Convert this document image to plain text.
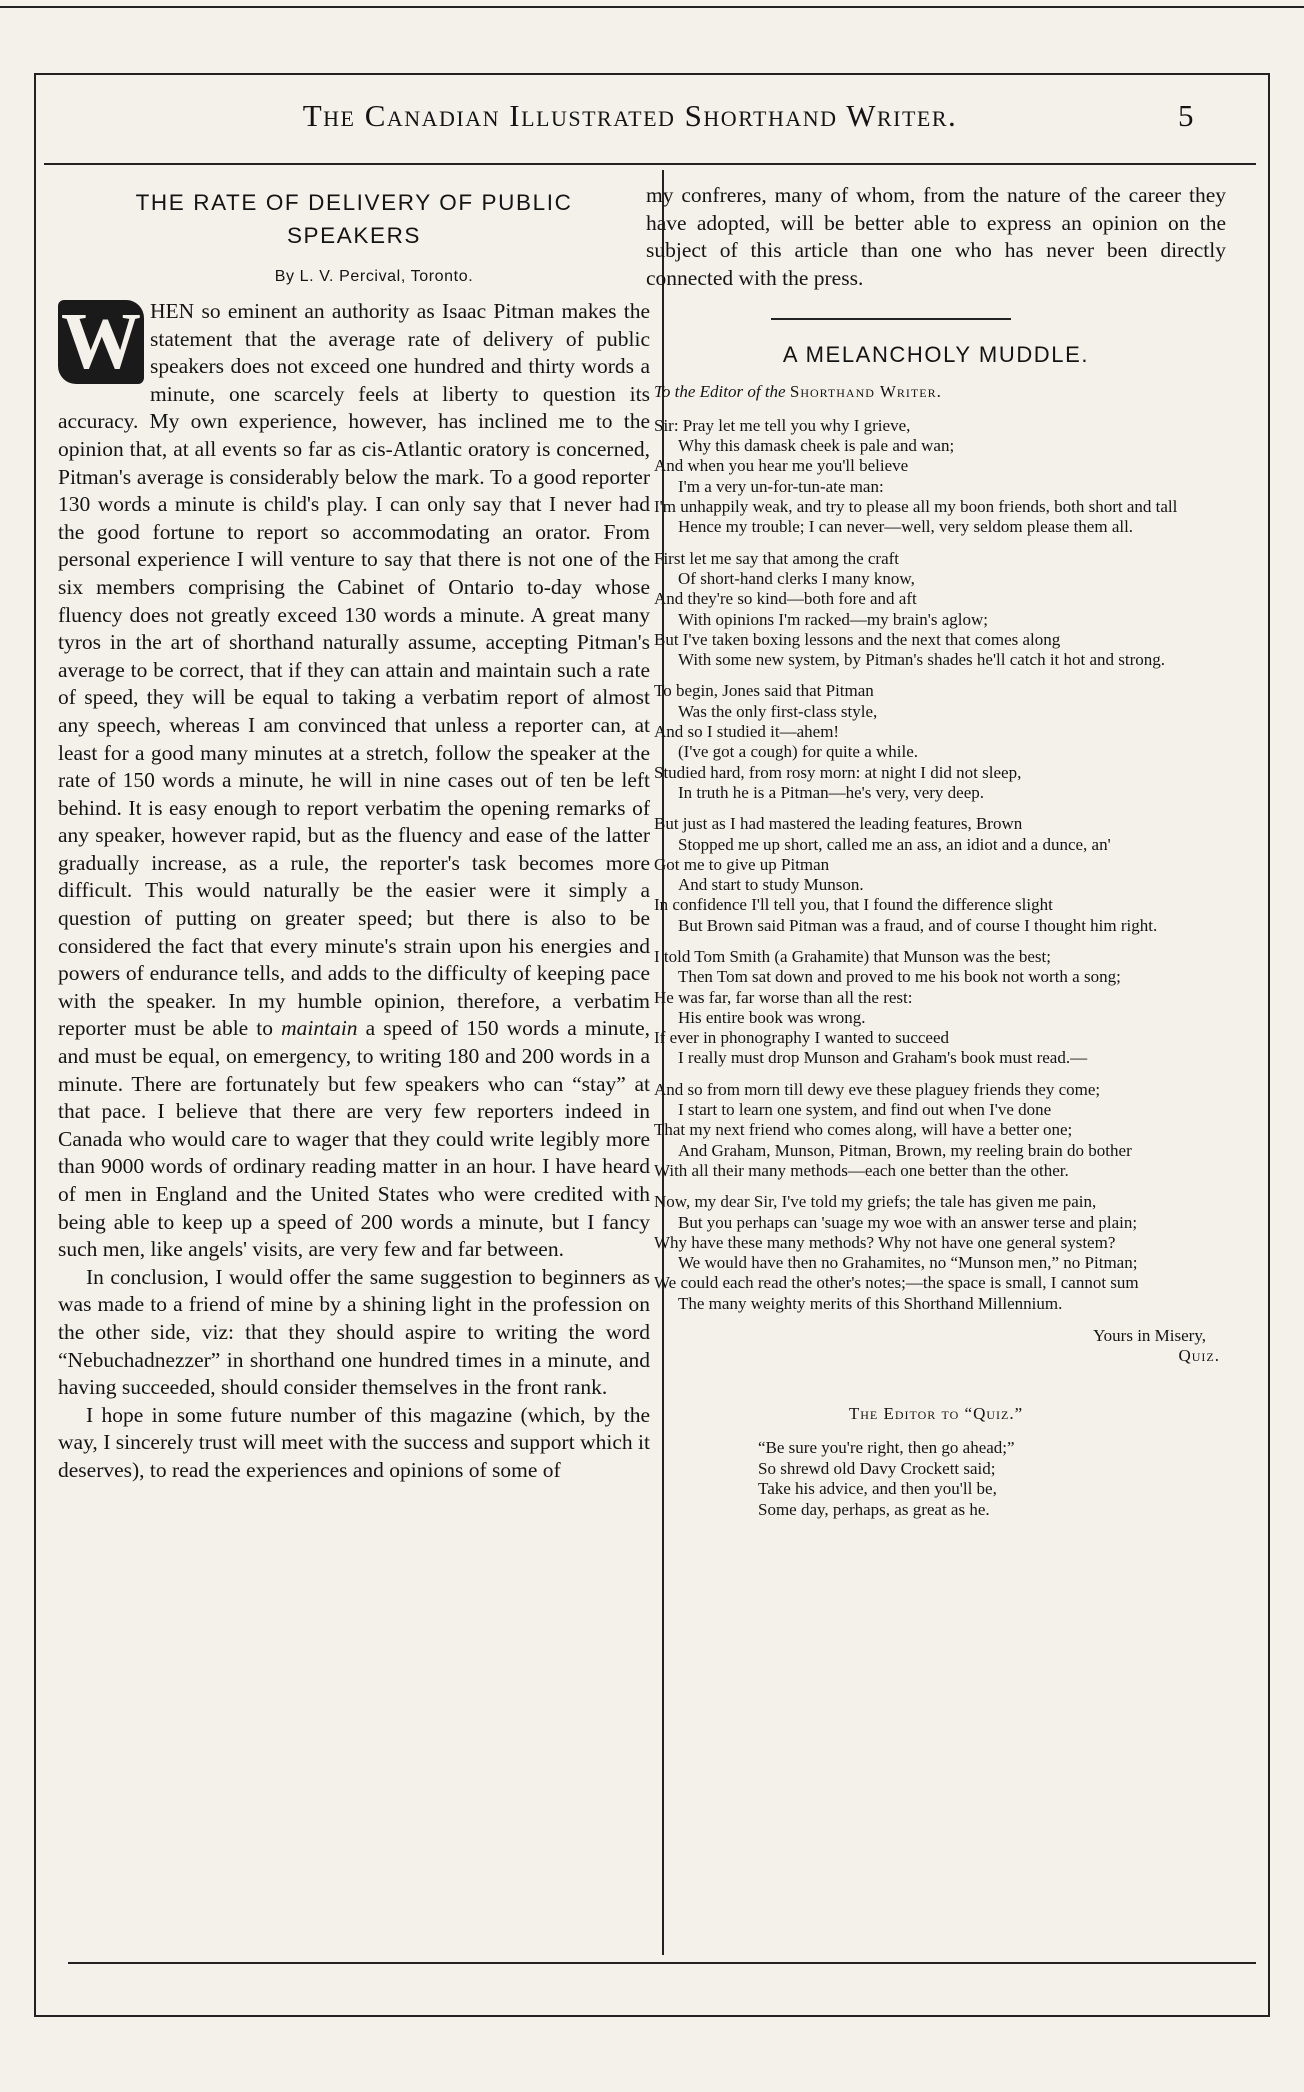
The Canadian Illustrated Shorthand Writer.	5
THE RATE OF DELIVERY OF PUBLIC
SPEAKERS
By L. V. Percival, Toronto.

W HEN so eminent an authority as Isaac Pitman makes the statement that the average rate of delivery of public speakers does not exceed one hundred and thirty words a minute, one scarcely feels at liberty to question its accuracy. My own experience, however, has inclined me to the opinion that, at all events so far as cis-Atlantic oratory is concerned, Pitman's average is considerably below the mark. To a good reporter 130 words a minute is child's play. I can only say that I never had the good fortune to report so accommodating an orator. From personal experience I will venture to say that there is not one of the six members comprising the Cabinet of Ontario to-day whose fluency does not greatly exceed 130 words a minute. A great many tyros in the art of shorthand naturally assume, accepting Pitman's average to be correct, that if they can attain and maintain such a rate of speed, they will be equal to taking a verbatim report of almost any speech, whereas I am convinced that unless a reporter can, at least for a good many minutes at a stretch, follow the speaker at the rate of 150 words a minute, he will in nine cases out of ten be left behind. It is easy enough to report verbatim the opening remarks of any speaker, however rapid, but as the fluency and ease of the latter gradually increase, as a rule, the reporter's task becomes more difficult. This would naturally be the easier were it simply a question of putting on greater speed; but there is also to be considered the fact that every minute's strain upon his energies and powers of endurance tells, and adds to the difficulty of keeping pace with the speaker. In my humble opinion, therefore, a verbatim reporter must be able to maintain a speed of 150 words a minute, and must be equal, on emergency, to writing 180 and 200 words in a minute. There are fortunately but few speakers who can “stay” at that pace. I believe that there are very few reporters indeed in Canada who would care to wager that they could write legibly more than 9000 words of ordinary reading matter in an hour. I have heard of men in England and the United States who were credited with being able to keep up a speed of 200 words a minute, but I fancy such men, like angels' visits, are very few and far between.

In conclusion, I would offer the same suggestion to beginners as was made to a friend of mine by a shining light in the profession on the other side, viz: that they should aspire to writing the word “Nebuchadnezzer” in shorthand one hundred times in a minute, and having succeeded, should consider themselves in the front rank.

I hope in some future number of this magazine (which, by the way, I sincerely trust will meet with the success and support which it deserves), to read the experiences and opinions of some of

my confreres, many of whom, from the nature of the career they have adopted, will be better able to express an opinion on the subject of this article than one who has never been directly connected with the press.
A MELANCHOLY MUDDLE.
To the Editor of the Shorthand Writer.

Sir: Pray let me tell you why I grieve,

Why this damask cheek is pale and wan;

And when you hear me you'll believe

I'm a very un-for-tun-ate man:

I'm unhappily weak, and try to please all my boon friends, both short and tall

Hence my trouble; I can never—well, very seldom please them all.

First let me say that among the craft

Of short-hand clerks I many know,

And they're so kind—both fore and aft

With opinions I'm racked—my brain's aglow;

But I've taken boxing lessons and the next that comes along

With some new system, by Pitman's shades he'll catch it hot and strong.

To begin, Jones said that Pitman

Was the only first-class style,

And so I studied it—ahem!

(I've got a cough) for quite a while.

Studied hard, from rosy morn: at night I did not sleep,

In truth he is a Pitman—he's very, very deep.

But just as I had mastered the leading features, Brown

Stopped me up short, called me an ass, an idiot and a dunce, an'

Got me to give up Pitman

And start to study Munson.

In confidence I'll tell you, that I found the difference slight

But Brown said Pitman was a fraud, and of course I thought him right.

I told Tom Smith (a Grahamite) that Munson was the best;

Then Tom sat down and proved to me his book not worth a song;

He was far, far worse than all the rest:

His entire book was wrong.

If ever in phonography I wanted to succeed

I really must drop Munson and Graham's book must read.—

And so from morn till dewy eve these plaguey friends they come;

I start to learn one system, and find out when I've done

That my next friend who comes along, will have a better one;

And Graham, Munson, Pitman, Brown, my reeling brain do bother

With all their many methods—each one better than the other.

Now, my dear Sir, I've told my griefs; the tale has given me pain,

But you perhaps can 'suage my woe with an answer terse and plain;

Why have these many methods? Why not have one general system?

We would have then no Grahamites, no “Munson men,” no Pitman;

We could each read the other's notes;—the space is small, I cannot sum

The many weighty merits of this Shorthand Millennium.

Yours in Misery,
Quiz.
The Editor to “Quiz.”

“Be sure you're right, then go ahead;”

So shrewd old Davy Crockett said;

Take his advice, and then you'll be,

Some day, perhaps, as great as he.
